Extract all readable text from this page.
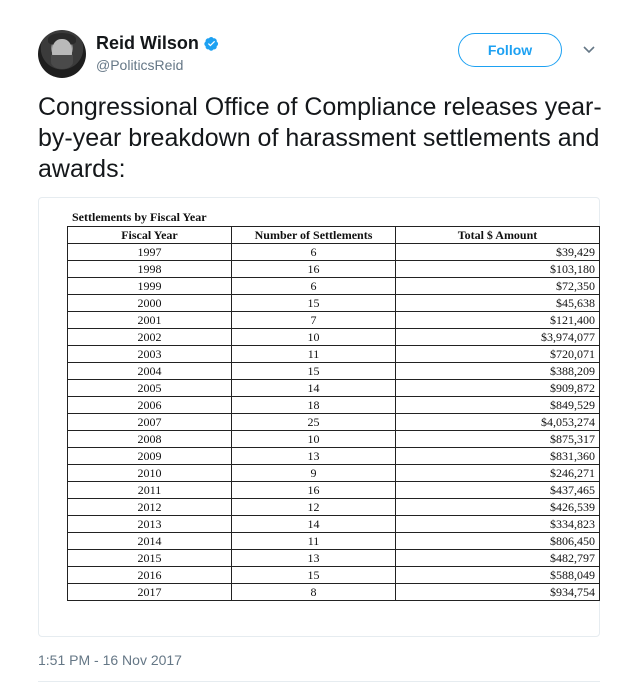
Reid Wilson
@PoliticsReid
Follow
Congressional Office of Compliance releases year-by-year breakdown of harassment settlements and awards:
Settlements by Fiscal Year
Fiscal Year	Number of Settlements	Total $ Amount
1997	6	$39,429
1998	16	$103,180
1999	6	$72,350
2000	15	$45,638
2001	7	$121,400
2002	10	$3,974,077
2003	11	$720,071
2004	15	$388,209
2005	14	$909,872
2006	18	$849,529
2007	25	$4,053,274
2008	10	$875,317
2009	13	$831,360
2010	9	$246,271
2011	16	$437,465
2012	12	$426,539
2013	14	$334,823
2014	11	$806,450
2015	13	$482,797
2016	15	$588,049
2017	8	$934,754
1:51 PM - 16 Nov 2017
